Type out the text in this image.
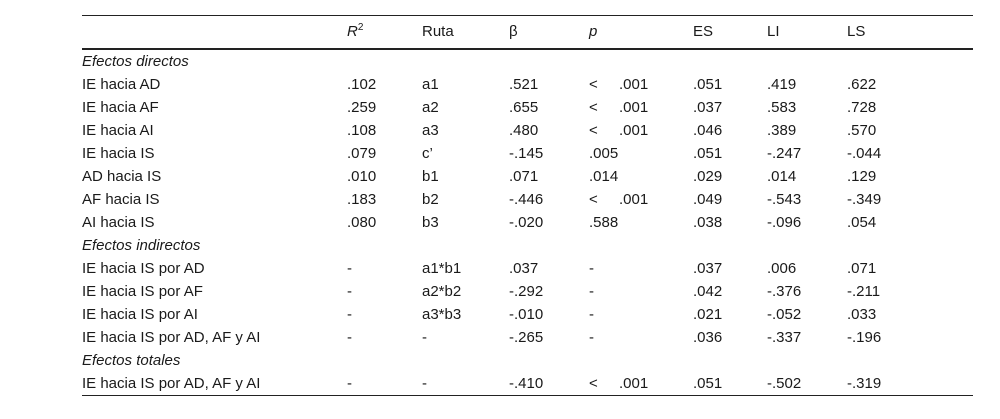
	$R^2$	Ruta	β	p	ES	LI	LS
Efectos directos							
IE hacia AD	.102	a1	.521	< .001	.051	.419	.622
IE hacia AF	.259	a2	.655	< .001	.037	.583	.728
IE hacia AI	.108	a3	.480	< .001	.046	.389	.570
IE hacia IS	.079	c’	-.145	.005	.051	-.247	-.044
AD hacia IS	.010	b1	.071	.014	.029	.014	.129
AF hacia IS	.183	b2	-.446	< .001	.049	-.543	-.349
AI hacia IS	.080	b3	-.020	.588	.038	-.096	.054
Efectos indirectos							
IE hacia IS por AD	-	a1*b1	.037	-	.037	.006	.071
IE hacia IS por AF	-	a2*b2	-.292	-	.042	-.376	-.211
IE hacia IS por AI	-	a3*b3	-.010	-	.021	-.052	.033
IE hacia IS por AD, AF y AI	-	-	-.265	-	.036	-.337	-.196
Efectos totales							
IE hacia IS por AD, AF y AI	-	-	-.410	< .001	.051	-.502	-.319
